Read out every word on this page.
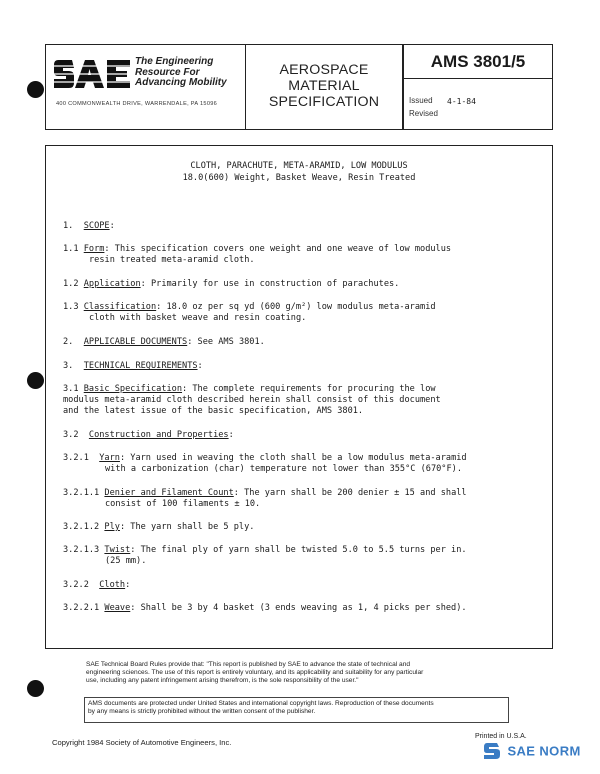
The Engineering
Resource For
Advancing Mobility
400 COMMONWEALTH DRIVE, WARRENDALE, PA 15096
AEROSPACE
MATERIAL
SPECIFICATION
AMS 3801/5
Issued 4-1-84
Revised
CLOTH, PARACHUTE, META-ARAMID, LOW MODULUS
18.0(600) Weight, Basket Weave, Resin Treated
1. SCOPE:
1.1 Form: This specification covers one weight and one weave of low modulus
resin treated meta-aramid cloth.
1.2 Application: Primarily for use in construction of parachutes.
1.3 Classification: 18.0 oz per sq yd (600 g/m²) low modulus meta-aramid
cloth with basket weave and resin coating.
2. APPLICABLE DOCUMENTS: See AMS 3801.
3. TECHNICAL REQUIREMENTS:
3.1 Basic Specification: The complete requirements for procuring the low
modulus meta-aramid cloth described herein shall consist of this document
and the latest issue of the basic specification, AMS 3801.
3.2 Construction and Properties:
3.2.1 Yarn: Yarn used in weaving the cloth shall be a low modulus meta-aramid
with a carbonization (char) temperature not lower than 355°C (670°F).
3.2.1.1 Denier and Filament Count: The yarn shall be 200 denier ± 15 and shall
consist of 100 filaments ± 10.
3.2.1.2 Ply: The yarn shall be 5 ply.
3.2.1.3 Twist: The final ply of yarn shall be twisted 5.0 to 5.5 turns per in.
(25 mm).
3.2.2 Cloth:
3.2.2.1 Weave: Shall be 3 by 4 basket (3 ends weaving as 1, 4 picks per shed).
SAE Technical Board Rules provide that: "This report is published by SAE to advance the state of technical and
engineering sciences. The use of this report is entirely voluntary, and its applicability and suitability for any particular
use, including any patent infringement arising therefrom, is the sole responsibility of the user."
AMS documents are protected under United States and international copyright laws. Reproduction of these documents
by any means is strictly prohibited without the written consent of the publisher.
Copyright 1984 Society of Automotive Engineers, Inc.
Printed in U.S.A.
SAE NORM
